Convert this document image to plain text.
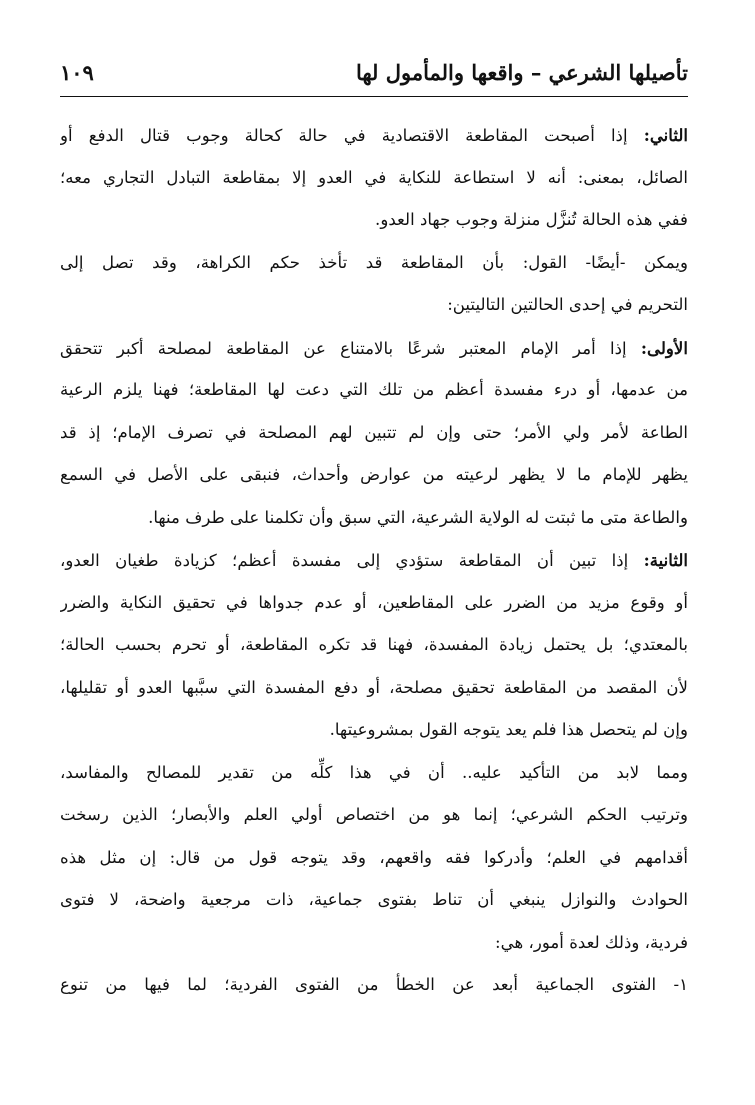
تأصيلها الشرعي – واقعها والمأمول لها
١٠٩
الثاني: إذا أصبحت المقاطعة الاقتصادية في حالة كحالة وجوب قتال الدفع أو
الصائل، بمعنى: أنه لا استطاعة للنكاية في العدو إلا بمقاطعة التبادل التجاري معه؛
ففي هذه الحالة تُنزَّل منزلة وجوب جهاد العدو.
ويمكن -أيضًا- القول: بأن المقاطعة قد تأخذ حكم الكراهة، وقد تصل إلى
التحريم في إحدى الحالتين التاليتين:
الأولى: إذا أمر الإمام المعتبر شرعًا بالامتناع عن المقاطعة لمصلحة أكبر تتحقق
من عدمها، أو درء مفسدة أعظم من تلك التي دعت لها المقاطعة؛ فهنا يلزم الرعية
الطاعة لأمر ولي الأمر؛ حتى وإن لم تتبين لهم المصلحة في تصرف الإمام؛ إذ قد
يظهر للإمام ما لا يظهر لرعيته من عوارض وأحداث، فنبقى على الأصل في السمع
والطاعة متى ما ثبتت له الولاية الشرعية، التي سبق وأن تكلمنا على طرف منها.
الثانية: إذا تبين أن المقاطعة ستؤدي إلى مفسدة أعظم؛ كزيادة طغيان العدو،
أو وقوع مزيد من الضرر على المقاطعين، أو عدم جدواها في تحقيق النكاية والضرر
بالمعتدي؛ بل يحتمل زيادة المفسدة، فهنا قد تكره المقاطعة، أو تحرم بحسب الحالة؛
لأن المقصد من المقاطعة تحقيق مصلحة، أو دفع المفسدة التي سبَّبها العدو أو تقليلها،
وإن لم يتحصل هذا فلم يعد يتوجه القول بمشروعيتها.
ومما لابد من التأكيد عليه.. أن في هذا كلِّه من تقدير للمصالح والمفاسد،
وترتيب الحكم الشرعي؛ إنما هو من اختصاص أولي العلم والأبصار؛ الذين رسخت
أقدامهم في العلم؛ وأدركوا فقه واقعهم، وقد يتوجه قول من قال: إن مثل هذه
الحوادث والنوازل ينبغي أن تناط بفتوى جماعية، ذات مرجعية واضحة، لا فتوى
فردية، وذلك لعدة أمور، هي:
١- الفتوى الجماعية أبعد عن الخطأ من الفتوى الفردية؛ لما فيها من تنوع
